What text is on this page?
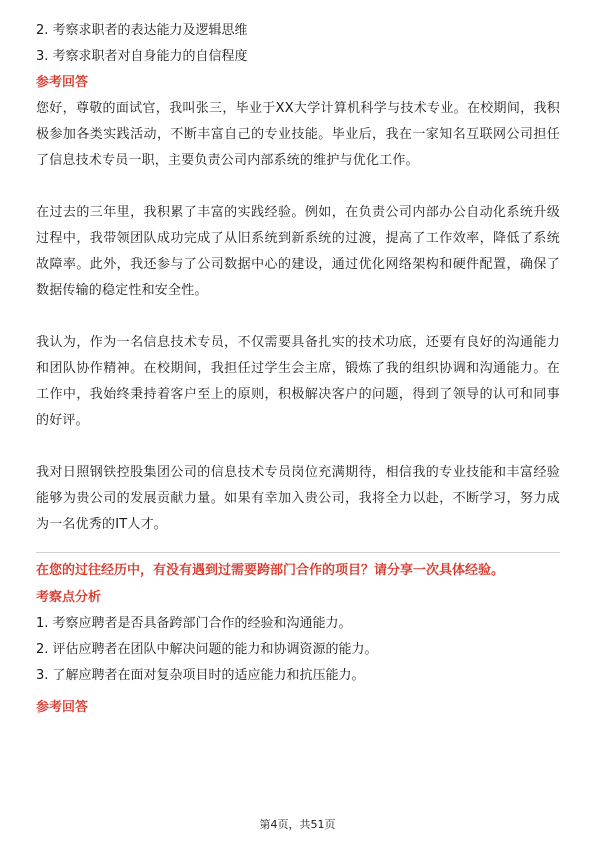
2. 考察求职者的表达能力及逻辑思维
3. 考察求职者对自身能力的自信程度
参考回答

您好，尊敬的面试官，我叫张三，毕业于XX大学计算机科学与技术专业。在校期间，我积极参加各类实践活动，不断丰富自己的专业技能。毕业后，我在一家知名互联网公司担任了信息技术专员一职，主要负责公司内部系统的维护与优化工作。

在过去的三年里，我积累了丰富的实践经验。例如，在负责公司内部办公自动化系统升级过程中，我带领团队成功完成了从旧系统到新系统的过渡，提高了工作效率，降低了系统故障率。此外，我还参与了公司数据中心的建设，通过优化网络架构和硬件配置，确保了数据传输的稳定性和安全性。

我认为，作为一名信息技术专员，不仅需要具备扎实的技术功底，还要有良好的沟通能力和团队协作精神。在校期间，我担任过学生会主席，锻炼了我的组织协调和沟通能力。在工作中，我始终秉持着客户至上的原则，积极解决客户的问题，得到了领导的认可和同事的好评。

我对日照钢铁控股集团公司的信息技术专员岗位充满期待，相信我的专业技能和丰富经验能够为贵公司的发展贡献力量。如果有幸加入贵公司，我将全力以赴，不断学习，努力成为一名优秀的IT人才。

在您的过往经历中，有没有遇到过需要跨部门合作的项目？请分享一次具体经验。
考察点分析
1. 考察应聘者是否具备跨部门合作的经验和沟通能力。
2. 评估应聘者在团队中解决问题的能力和协调资源的能力。
3. 了解应聘者在面对复杂项目时的适应能力和抗压能力。
参考回答
第4页，共51页
